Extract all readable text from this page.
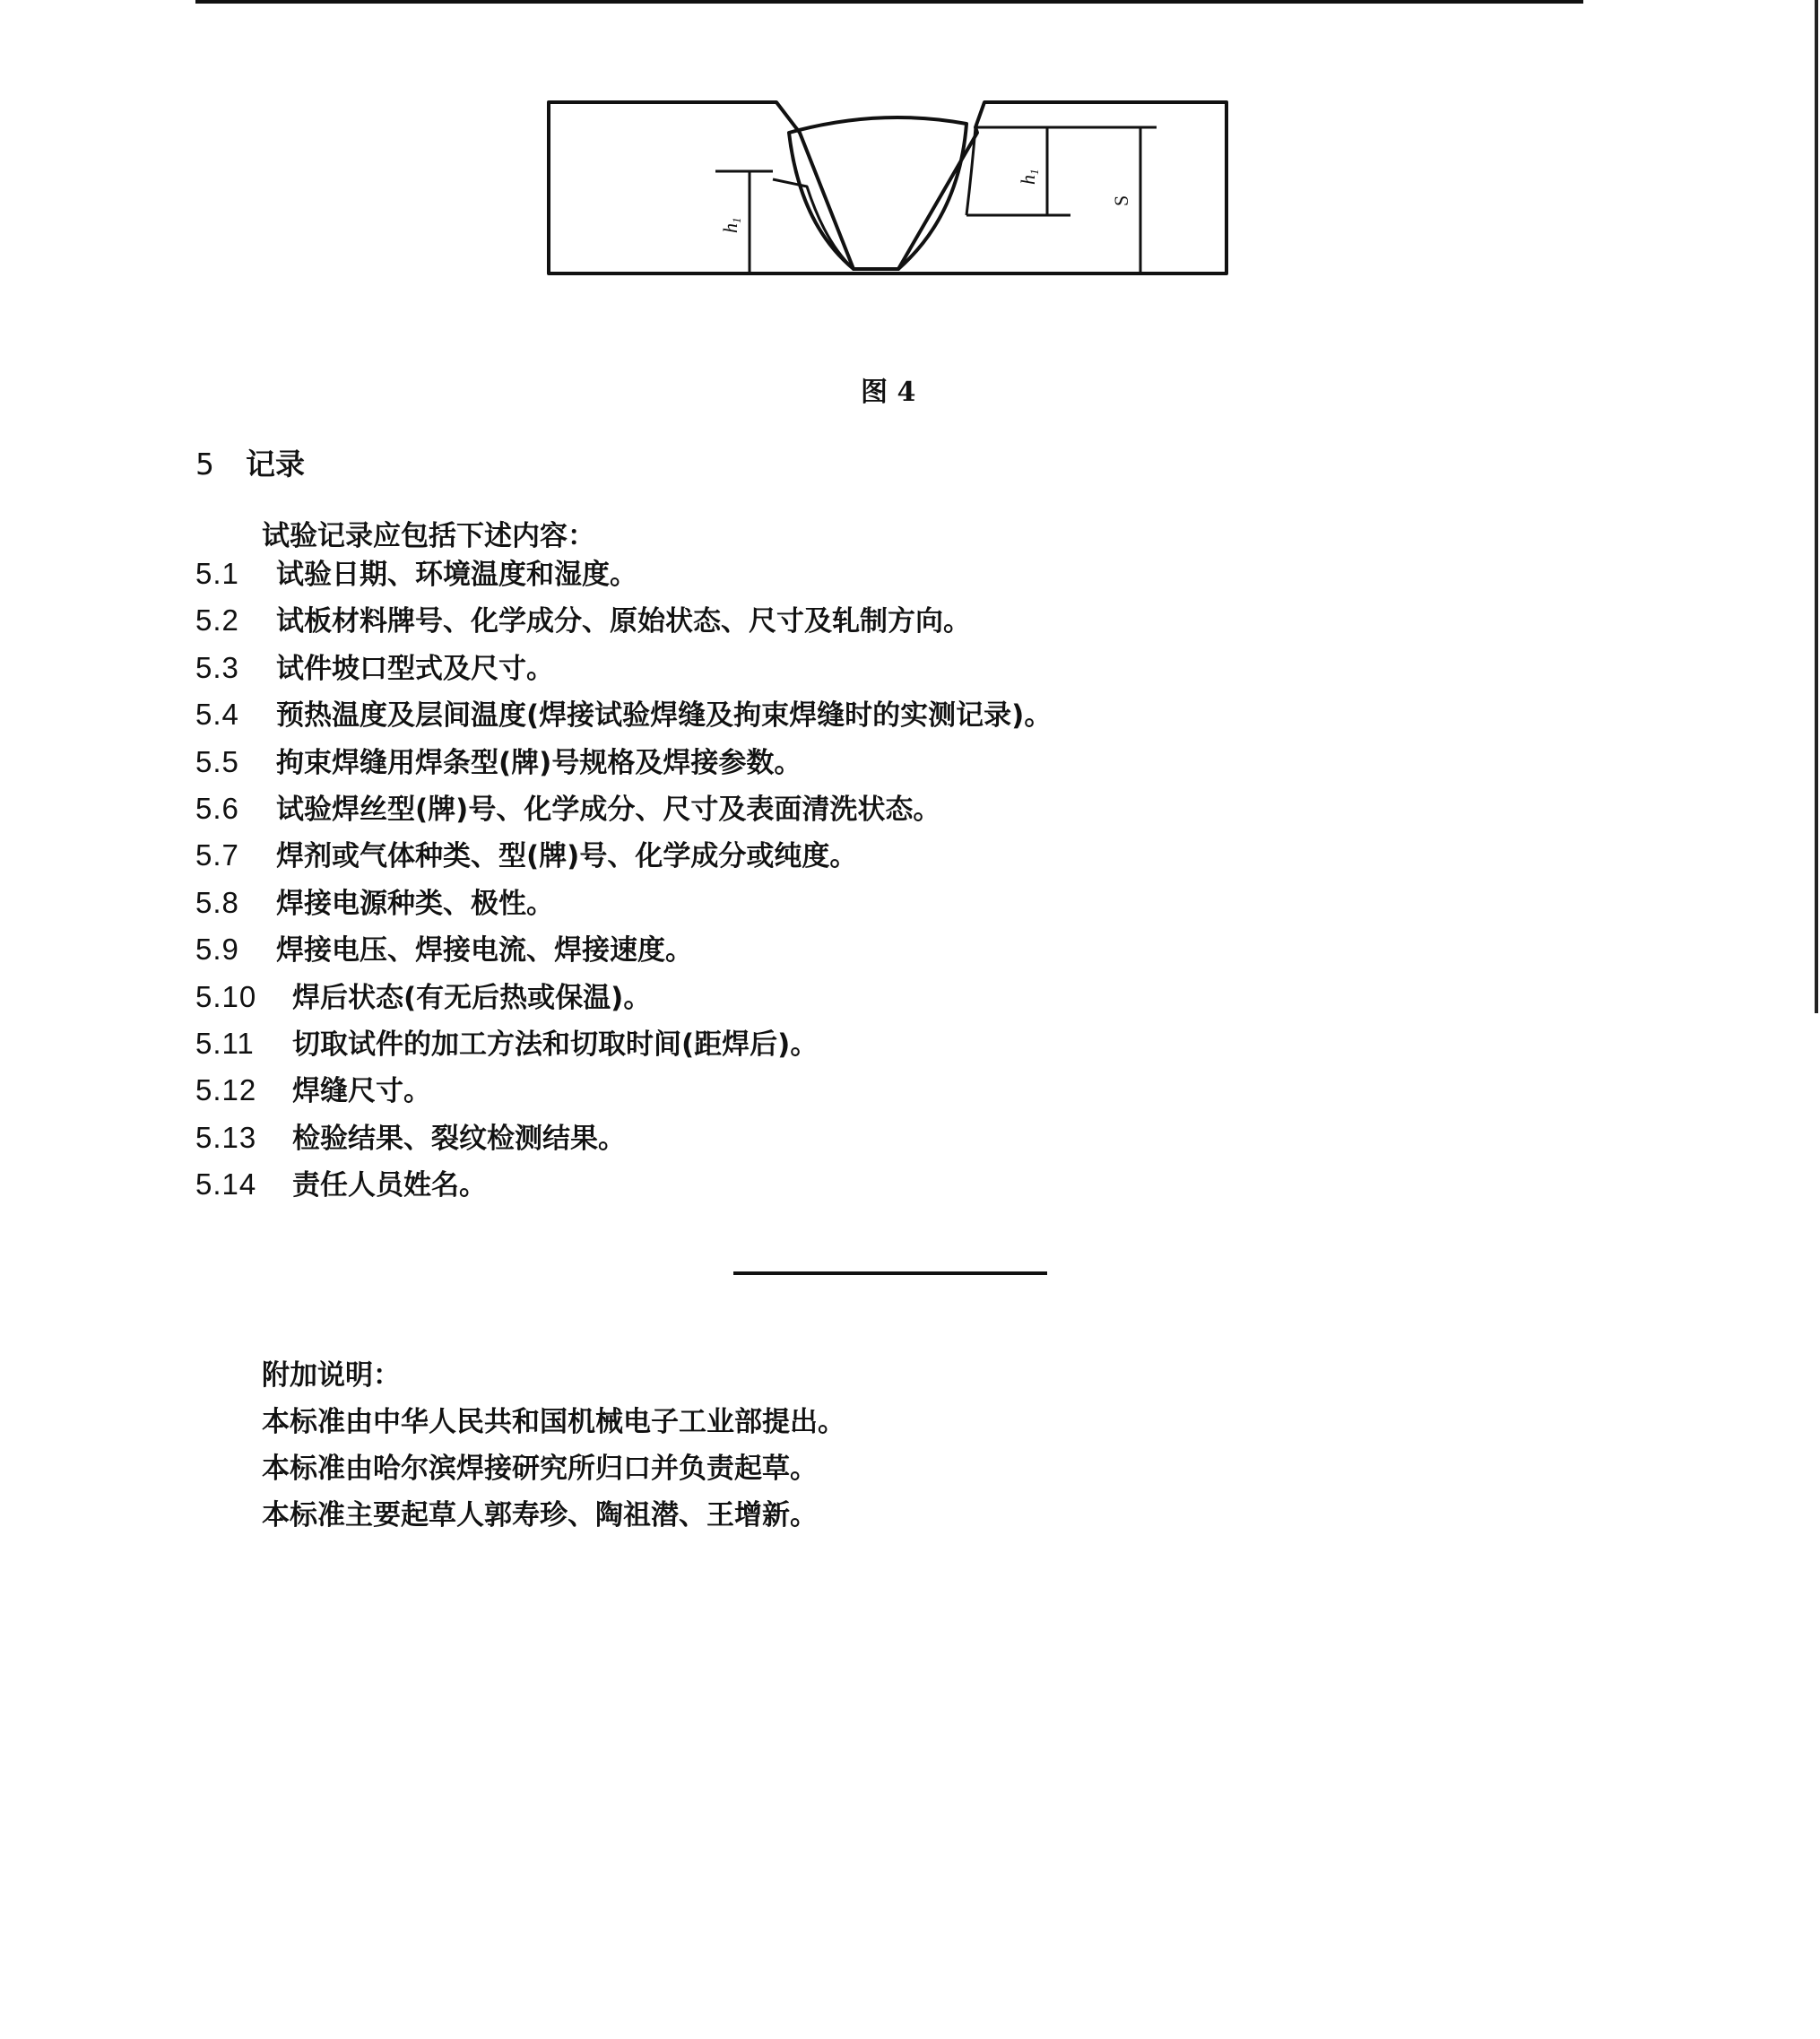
h1
h1
S
图 4
5 记录
试验记录应包括下述内容：
5.1 试验日期、环境温度和湿度。
5.2 试板材料牌号、化学成分、原始状态、尺寸及轧制方向。
5.3 试件坡口型式及尺寸。
5.4 预热温度及层间温度(焊接试验焊缝及拘束焊缝时的实测记录)。
5.5 拘束焊缝用焊条型(牌)号规格及焊接参数。
5.6 试验焊丝型(牌)号、化学成分、尺寸及表面清洗状态。
5.7 焊剂或气体种类、型(牌)号、化学成分或纯度。
5.8 焊接电源种类、极性。
5.9 焊接电压、焊接电流、焊接速度。
5.10 焊后状态(有无后热或保温)。
5.11 切取试件的加工方法和切取时间(距焊后)。
5.12 焊缝尺寸。
5.13 检验结果、裂纹检测结果。
5.14 责任人员姓名。
附加说明：
本标准由中华人民共和国机械电子工业部提出。
本标准由哈尔滨焊接研究所归口并负责起草。
本标准主要起草人郭寿珍、陶祖潜、王增新。
